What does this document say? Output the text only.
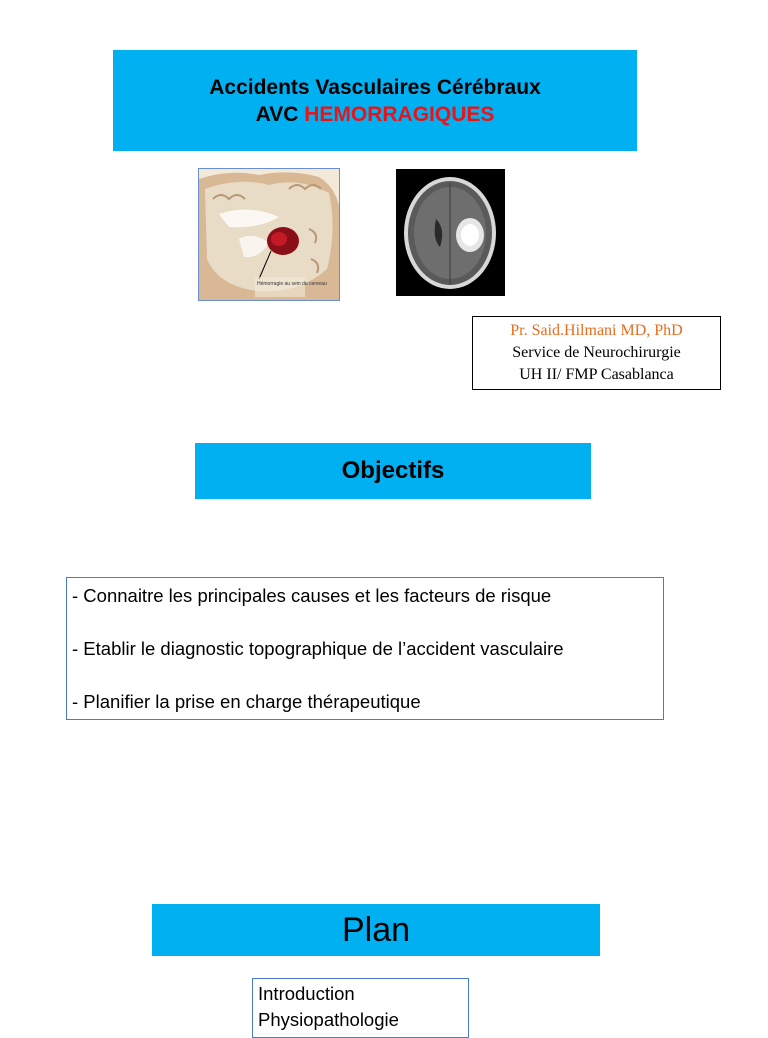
Accidents Vasculaires Cérébraux
AVC HEMORRAGIQUES
Hémorragie au sein du cerveau
Pr. Said.Hilmani MD, PhD
Service de Neurochirurgie
UH II/ FMP Casablanca
Objectifs
- Connaitre les principales causes et les facteurs de risque
- Etablir le diagnostic topographique de l’accident vasculaire
- Planifier la prise en charge thérapeutique
Plan
Introduction
Physiopathologie
